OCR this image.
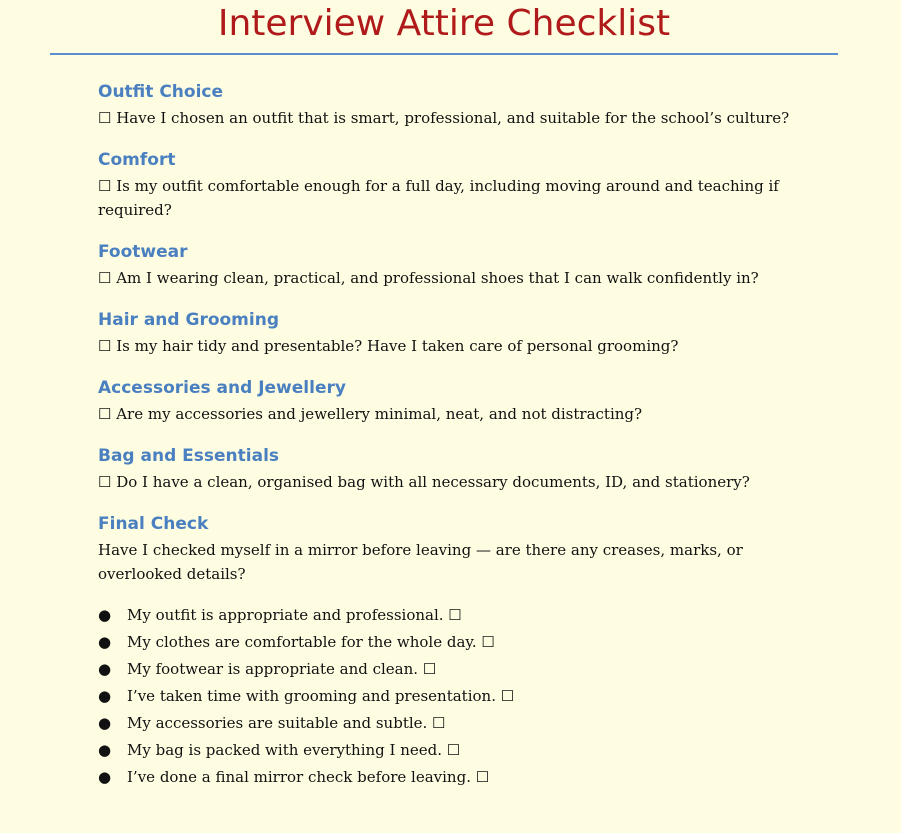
Interview Attire Checklist
Outfit Choice

☐ Have I chosen an outfit that is smart, professional, and suitable for the school’s culture?

Comfort

☐ Is my outfit comfortable enough for a full day, including moving around and teaching if required?

Footwear

☐ Am I wearing clean, practical, and professional shoes that I can walk confidently in?

Hair and Grooming

☐ Is my hair tidy and presentable? Have I taken care of personal grooming?

Accessories and Jewellery

☐ Are my accessories and jewellery minimal, neat, and not distracting?

Bag and Essentials

☐ Do I have a clean, organised bag with all necessary documents, ID, and stationery?

Final Check

Have I checked myself in a mirror before leaving — are there any creases, marks, or overlooked details?

● My outfit is appropriate and professional. ☐
● My clothes are comfortable for the whole day. ☐
● My footwear is appropriate and clean. ☐
● I’ve taken time with grooming and presentation. ☐
● My accessories are suitable and subtle. ☐
● My bag is packed with everything I need. ☐
● I’ve done a final mirror check before leaving. ☐
